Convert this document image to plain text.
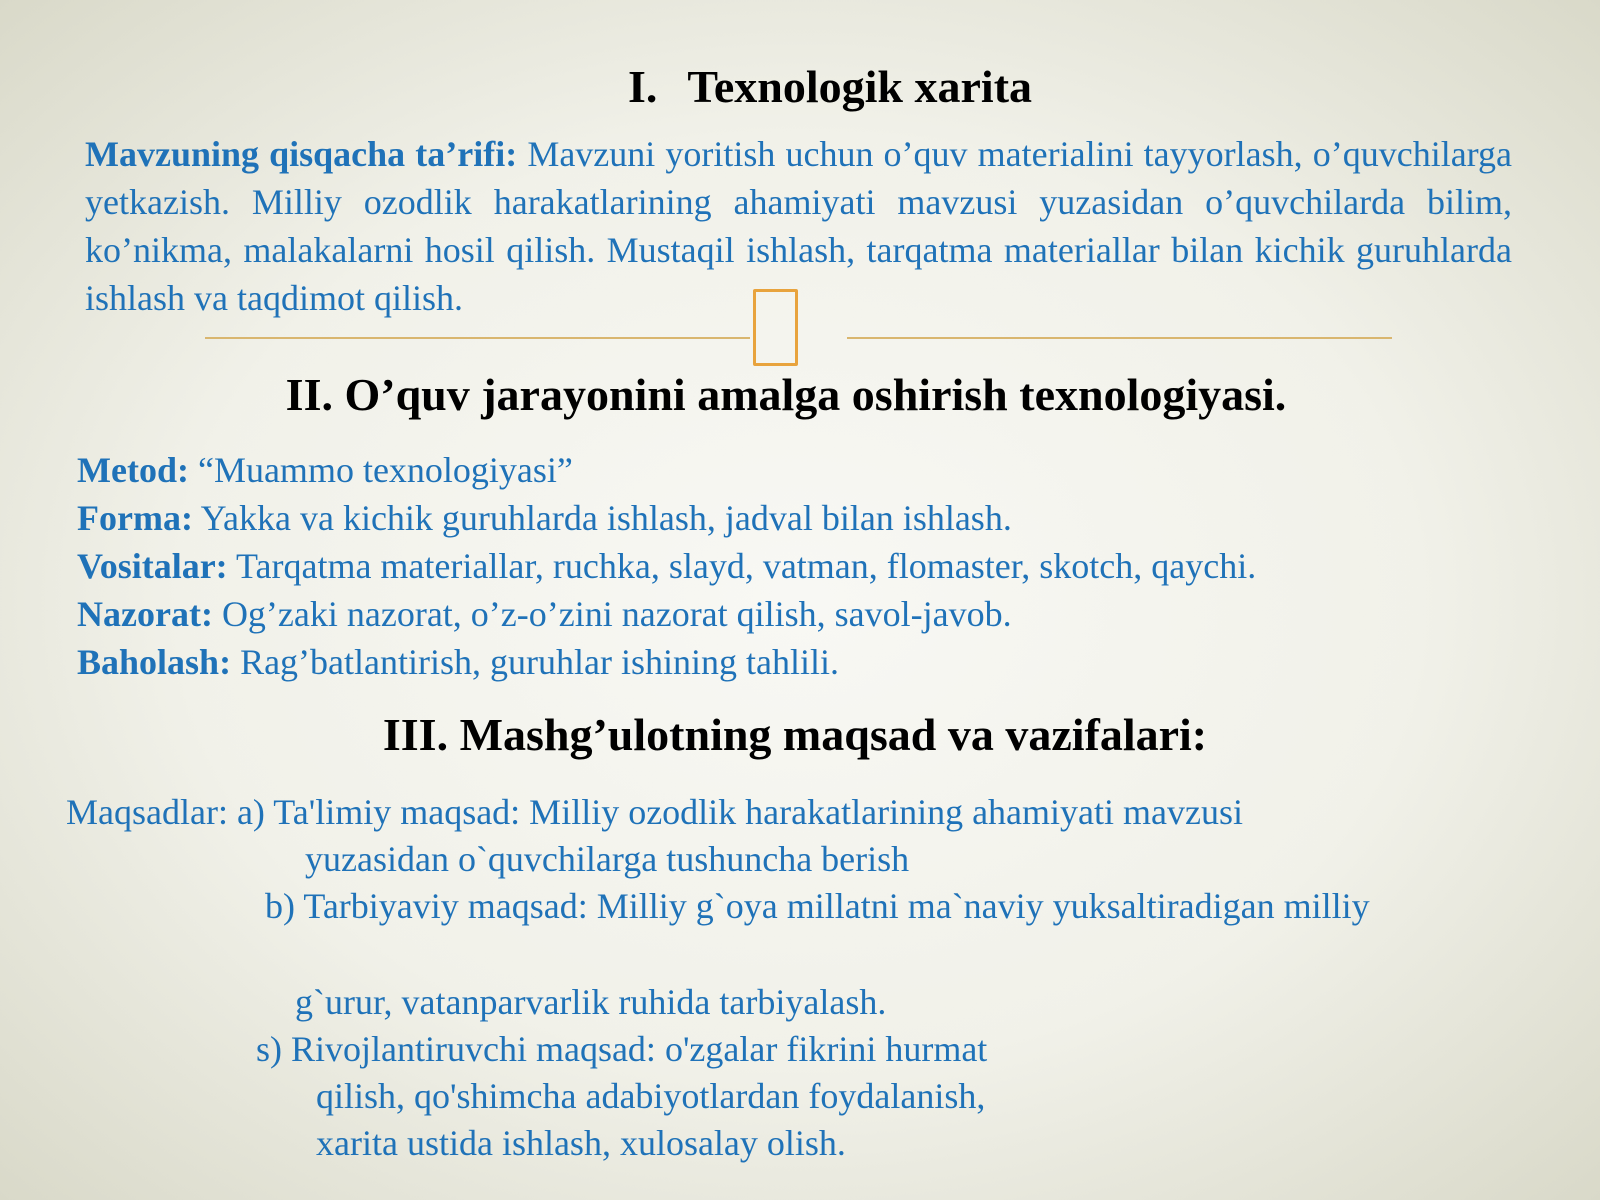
I. Texnologik xarita
Mavzuning qisqacha ta’rifi: Mavzuni yoritish uchun o’quv materialini tayyorlash, o’quvchilarga yetkazish. Milliy ozodlik harakatlarining ahamiyati mavzusi yuzasidan o’quvchilarda bilim, ko’nikma, malakalarni hosil qilish. Mustaqil ishlash, tarqatma materiallar bilan kichik guruhlarda ishlash va taqdimot qilish.
II. O’quv jarayonini amalga oshirish texnologiyasi.
Metod: “Muammo texnologiyasi”
Forma: Yakka va kichik guruhlarda ishlash, jadval bilan ishlash.
Vositalar: Tarqatma materiallar, ruchka, slayd, vatman, flomaster, skotch, qaychi.
Nazorat: Og’zaki nazorat, o’z-o’zini nazorat qilish, savol-javob.
Baholash: Rag’batlantirish, guruhlar ishining tahlili.
III. Mashg’ulotning maqsad va vazifalari:
Maqsadlar: a) Ta'limiy maqsad: Milliy ozodlik harakatlarining ahamiyati mavzusi
yuzasidan o`quvchilarga tushuncha berish
b) Tarbiyaviy maqsad: Milliy g`oya millatni ma`naviy yuksaltiradigan milliy
g`urur, vatanparvarlik ruhida tarbiyalash.
s) Rivojlantiruvchi maqsad: o'zgalar fikrini hurmat
qilish, qo'shimcha adabiyotlardan foydalanish,
xarita ustida ishlash, xulosalay olish.
